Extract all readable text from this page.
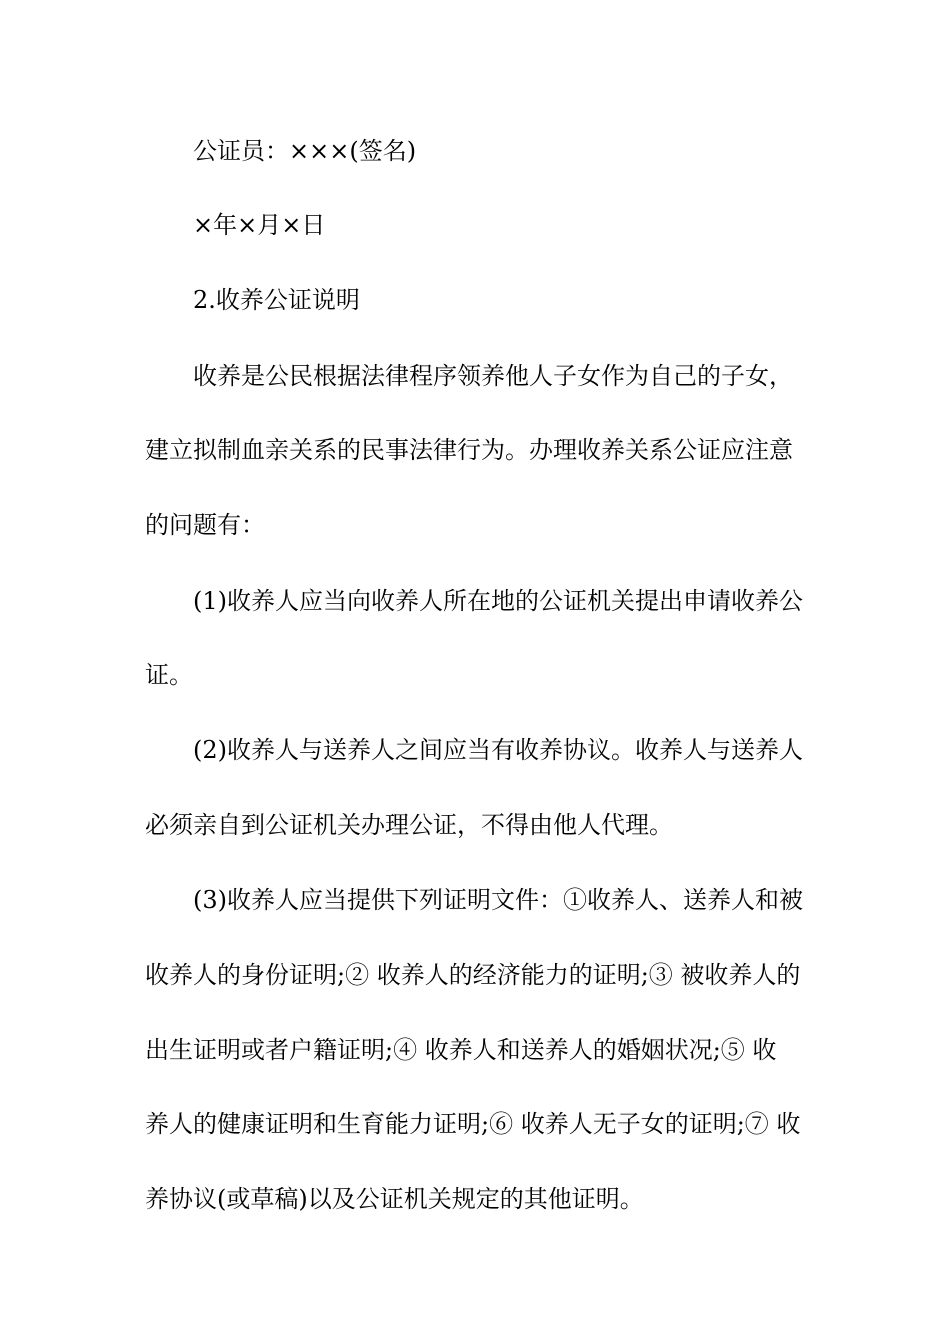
公证员：×××(签名)
×年×月×日
2.收养公证说明
收养是公民根据法律程序领养他人子女作为自己的子女，
建立拟制血亲关系的民事法律行为。办理收养关系公证应注意
的问题有：
(1)收养人应当向收养人所在地的公证机关提出申请收养公
证。
(2)收养人与送养人之间应当有收养协议。收养人与送养人
必须亲自到公证机关办理公证，不得由他人代理。
(3)收养人应当提供下列证明文件：①收养人、送养人和被
收养人的身份证明;② 收养人的经济能力的证明;③ 被收养人的
出生证明或者户籍证明;④ 收养人和送养人的婚姻状况;⑤ 收
养人的健康证明和生育能力证明;⑥ 收养人无子女的证明;⑦ 收
养协议(或草稿)以及公证机关规定的其他证明。
